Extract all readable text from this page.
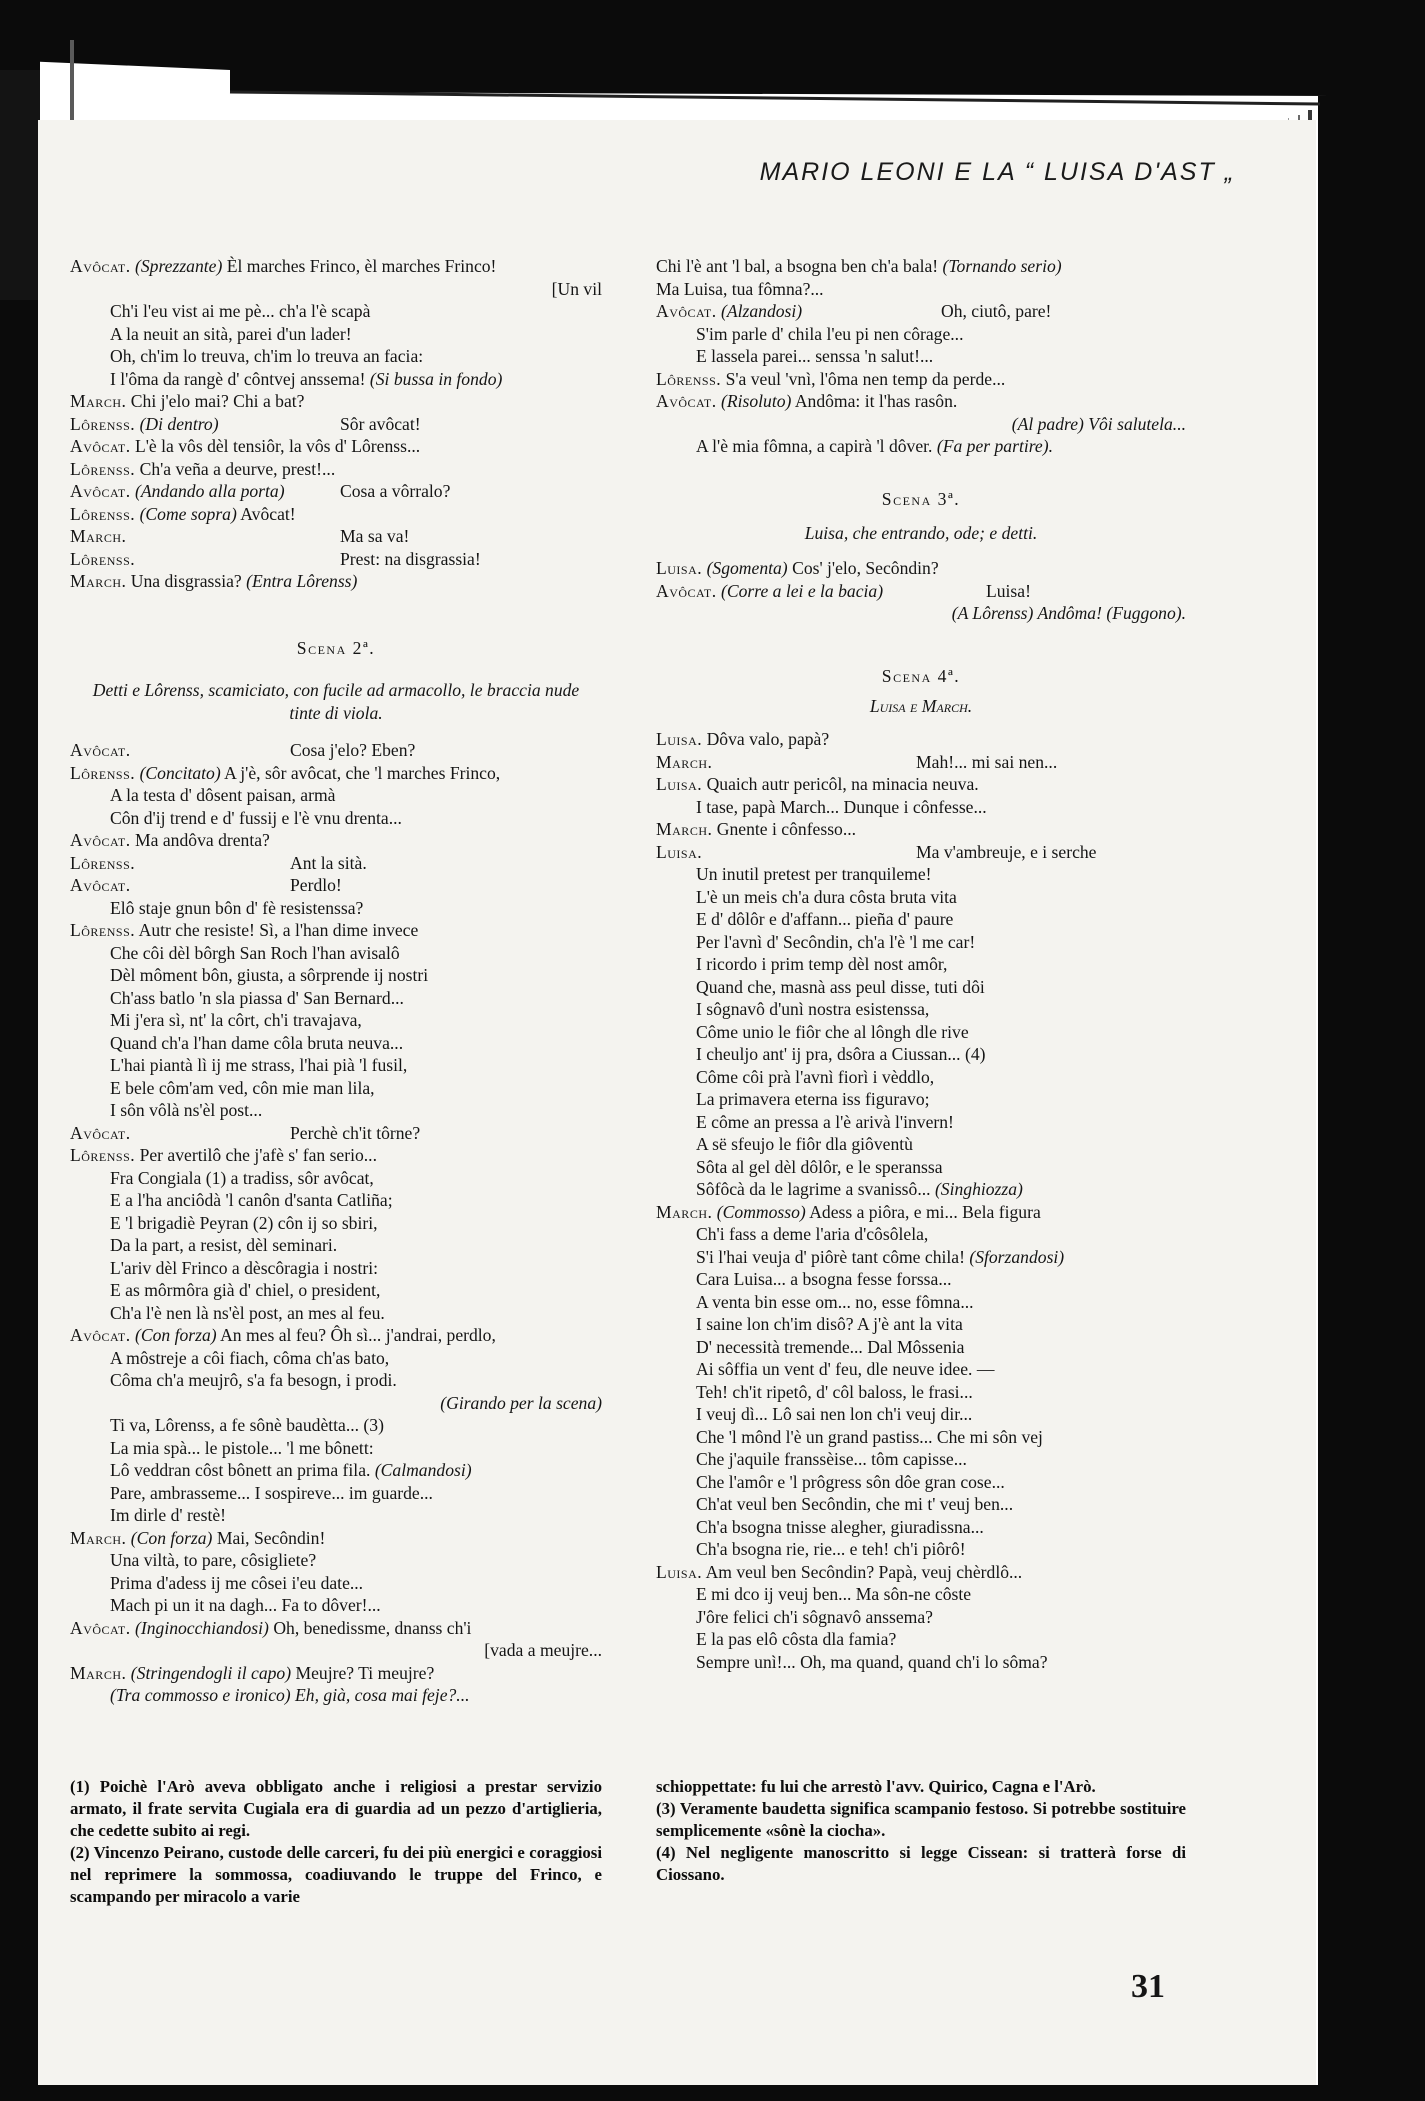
MARIO LEONI E LA “ LUISA D'AST „
Avôcat. (Sprezzante) Èl marches Frinco, èl marches Frinco!
[Un vil
Ch'i l'eu vist ai me pè... ch'a l'è scapà
A la neuit an sità, parei d'un lader!
Oh, ch'im lo treuva, ch'im lo treuva an facia:
I l'ôma da rangè d' côntvej anssema! (Si bussa in fondo)
March. Chi j'elo mai? Chi a bat?
Lôrenss. (Di dentro)	Sôr avôcat!
Avôcat. L'è la vôs dèl tensiôr, la vôs d' Lôrenss...
Lôrenss. Ch'a veña a deurve, prest!...
Avôcat. (Andando alla porta)	Cosa a vôrralo?
Lôrenss. (Come sopra) Avôcat!
March.	Ma sa va!
Lôrenss.	Prest: na disgrassia!
March. Una disgrassia? (Entra Lôrenss)
Scena 2ª.
Detti e Lôrenss, scamiciato, con fucile ad armacollo, le braccia nude tinte di viola.
Avôcat.	Cosa j'elo? Eben?
Lôrenss. (Concitato) A j'è, sôr avôcat, che 'l marches Frinco,
A la testa d' dôsent paisan, armà
Côn d'ij trend e d' fussij e l'è vnu drenta...
Avôcat. Ma andôva drenta?
Lôrenss.	Ant la sità.
Avôcat.	Perdlo!
Elô staje gnun bôn d' fè resistenssa?
Lôrenss. Autr che resiste! Sì, a l'han dime invece
Che côi dèl bôrgh San Roch l'han avisalô
Dèl môment bôn, giusta, a sôrprende ij nostri
Ch'ass batlo 'n sla piassa d' San Bernard...
Mi j'era sì, nt' la côrt, ch'i travajava,
Quand ch'a l'han dame côla bruta neuva...
L'hai piantà lì ij me strass, l'hai pià 'l fusil,
E bele côm'am ved, côn mie man lila,
I sôn vôlà ns'èl post...
Avôcat.	Perchè ch'it tôrne?
Lôrenss. Per avertilô che j'afè s' fan serio...
Fra Congiala (1) a tradiss, sôr avôcat,
E a l'ha anciôdà 'l canôn d'santa Catliña;
E 'l brigadiè Peyran (2) côn ij so sbiri,
Da la part, a resist, dèl seminari.
L'ariv dèl Frinco a dèscôragia i nostri:
E as môrmôra già d' chiel, o president,
Ch'a l'è nen là ns'èl post, an mes al feu.
Avôcat. (Con forza) An mes al feu? Ôh sì... j'andrai, perdlo,
A môstreje a côi fiach, côma ch'as bato,
Côma ch'a meujrô, s'a fa besogn, i prodi.
(Girando per la scena)
Ti va, Lôrenss, a fe sônè baudètta... (3)
La mia spà... le pistole... 'l me bônett:
Lô veddran côst bônett an prima fila. (Calmandosi)
Pare, ambrasseme... I sospireve... im guarde...
Im dirle d' restè!
March. (Con forza) Mai, Secôndin!
Una viltà, to pare, côsigliete?
Prima d'adess ij me côsei i'eu date...
Mach pi un it na dagh... Fa to dôver!...
Avôcat. (Inginocchiandosi) Oh, benedissme, dnanss ch'i
[vada a meujre...
March. (Stringendogli il capo) Meujre? Ti meujre?
(Tra commosso e ironico) Eh, già, cosa mai feje?...
Chi l'è ant 'l bal, a bsogna ben ch'a bala! (Tornando serio)
Ma Luisa, tua fômna?...
Avôcat. (Alzandosi)	Oh, ciutô, pare!
S'im parle d' chila l'eu pi nen côrage...
E lassela parei... senssa 'n salut!...
Lôrenss. S'a veul 'vnì, l'ôma nen temp da perde...
Avôcat. (Risoluto) Andôma: it l'has rasôn.
(Al padre) Vôi salutela...
A l'è mia fômna, a capirà 'l dôver. (Fa per partire).
Scena 3ª.
Luisa, che entrando, ode; e detti.
Luisa. (Sgomenta) Cos' j'elo, Secôndin?
Avôcat. (Corre a lei e la bacia)	Luisa!
(A Lôrenss) Andôma! (Fuggono).
Scena 4ª.
Luisa e March.
Luisa. Dôva valo, papà?
March.	Mah!... mi sai nen...
Luisa. Quaich autr pericôl, na minacia neuva.
I tase, papà March... Dunque i cônfesse...
March. Gnente i cônfesso...
Luisa.	Ma v'ambreuje, e i serche
Un inutil pretest per tranquileme!
L'è un meis ch'a dura côsta bruta vita
E d' dôlôr e d'affann... pieña d' paure
Per l'avnì d' Secôndin, ch'a l'è 'l me car!
I ricordo i prim temp dèl nost amôr,
Quand che, masnà ass peul disse, tuti dôi
I sôgnavô d'unì nostra esistenssa,
Côme unio le fiôr che al lôngh dle rive
I cheuljo ant' ij pra, dsôra a Ciussan... (4)
Côme côi prà l'avnì fiorì i vèddlo,
La primavera eterna iss figuravo;
E côme an pressa a l'è arivà l'invern!
A së sfeujo le fiôr dla giôventù
Sôta al gel dèl dôlôr, e le speranssa
Sôfôcà da le lagrime a svanissô... (Singhiozza)
March. (Commosso) Adess a piôra, e mi... Bela figura
Ch'i fass a deme l'aria d'côsôlela,
S'i l'hai veuja d' piôrè tant côme chila! (Sforzandosi)
Cara Luisa... a bsogna fesse forssa...
A venta bin esse om... no, esse fômna...
I saine lon ch'im disô? A j'è ant la vita
D' necessità tremende... Dal Môssenia
Ai sôffia un vent d' feu, dle neuve idee. —
Teh! ch'it ripetô, d' côl baloss, le frasi...
I veuj dì... Lô sai nen lon ch'i veuj dir...
Che 'l mônd l'è un grand pastiss... Che mi sôn vej
Che j'aquile franssèise... tôm capisse...
Che l'amôr e 'l prôgress sôn dôe gran cose...
Ch'at veul ben Secôndin, che mi t' veuj ben...
Ch'a bsogna tnisse alegher, giuradissna...
Ch'a bsogna rie, rie... e teh! ch'i piôrô!
Luisa. Am veul ben Secôndin? Papà, veuj chèrdlô...
E mi dco ij veuj ben... Ma sôn-ne côste
J'ôre felici ch'i sôgnavô anssema?
E la pas elô côsta dla famia?
Sempre unì!... Oh, ma quand, quand ch'i lo sôma?

(1) Poichè l'Arò aveva obbligato anche i religiosi a prestar servizio armato, il frate servita Cugiala era di guardia ad un pezzo d'artiglieria, che cedette subito ai regi.

(2) Vincenzo Peirano, custode delle carceri, fu dei più energici e coraggiosi nel reprimere la sommossa, coadiuvando le truppe del Frinco, e scampando per miracolo a varie

schioppettate: fu lui che arrestò l'avv. Quirico, Cagna e l'Arò.

(3) Veramente baudetta significa scampanio festoso. Si potrebbe sostituire semplicemente «sônè la ciocha».

(4) Nel negligente manoscritto si legge Cissean: si tratterà forse di Ciossano.

31
